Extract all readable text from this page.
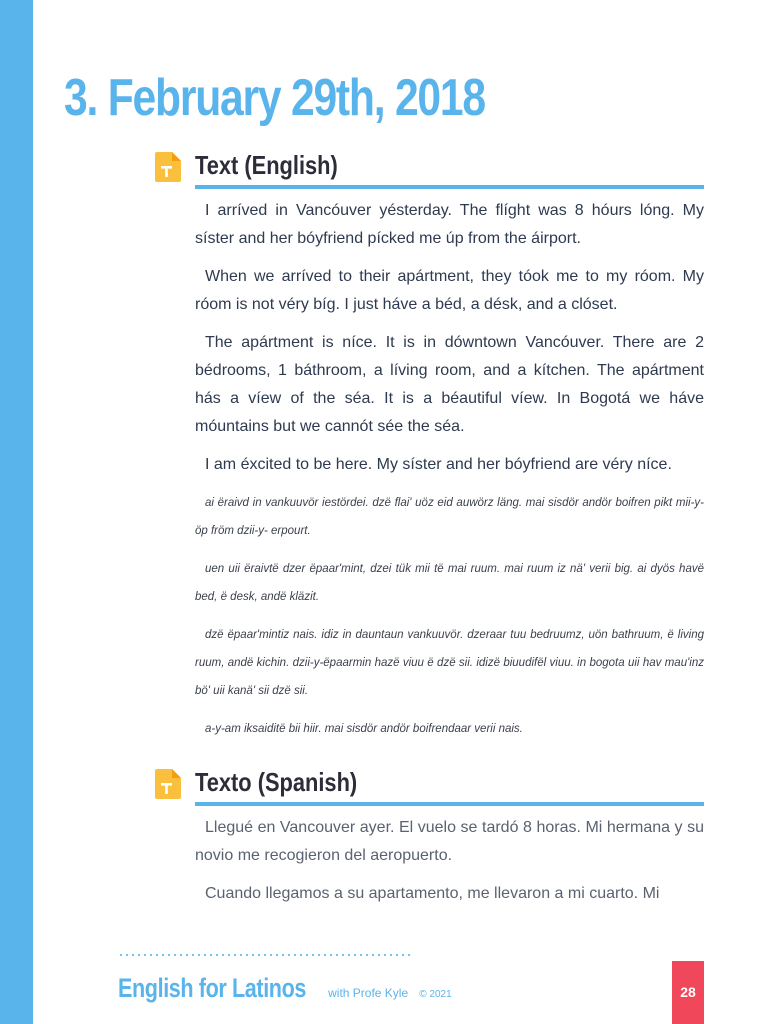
3. February 29th, 2018
Text (English)

I arríved in Vancóuver yésterday. The flíght was 8 hóurs lóng. My síster and her bóyfriend pícked me úp from the áirport.

When we arríved to their apártment, they tóok me to my róom. My róom is not véry bíg. I just háve a béd, a désk, and a clóset.

The apártment is níce. It is in dówntown Vancóuver. There are 2 bédrooms, 1 báthroom, a líving room, and a kítchen. The apártment hás a víew of the séa. It is a béautiful víew. In Bogotá we háve móuntains but we cannót sée the séa.

I am éxcited to be here. My síster and her bóyfriend are véry níce.

ai ëraivd in vankuuvör iestördei. dzë flai' uöz eid auwörz läng. mai sisdör andör boifren pikt mii-y-öp fröm dzii-y- erpourt.

uen uii ëraivtë dzer ëpaar'mint, dzei tük mii të mai ruum. mai ruum iz nä' verii big. ai dyös havë bed, ë desk, andë kläzit.

dzë ëpaar'mintiz nais. idiz in dauntaun vankuuvör. dzeraar tuu bedruumz, uön bathruum, ë living ruum, andë kichin. dzii-y-ëpaarmin hazë viuu ë dzë sii. idizë biuudifël viuu. in bogota uii hav mau'inz bö' uii kanä' sii dzë sii.

a-y-am iksaiditë bii hiir. mai sisdör andör boifrendaar verii nais.

Texto (Spanish)

Llegué en Vancouver ayer. El vuelo se tardó 8 horas. Mi hermana y su novio me recogieron del aeropuerto.

Cuando llegamos a su apartamento, me llevaron a mi cuarto. Mi

English for Latinos with Profe Kyle © 2021	28
